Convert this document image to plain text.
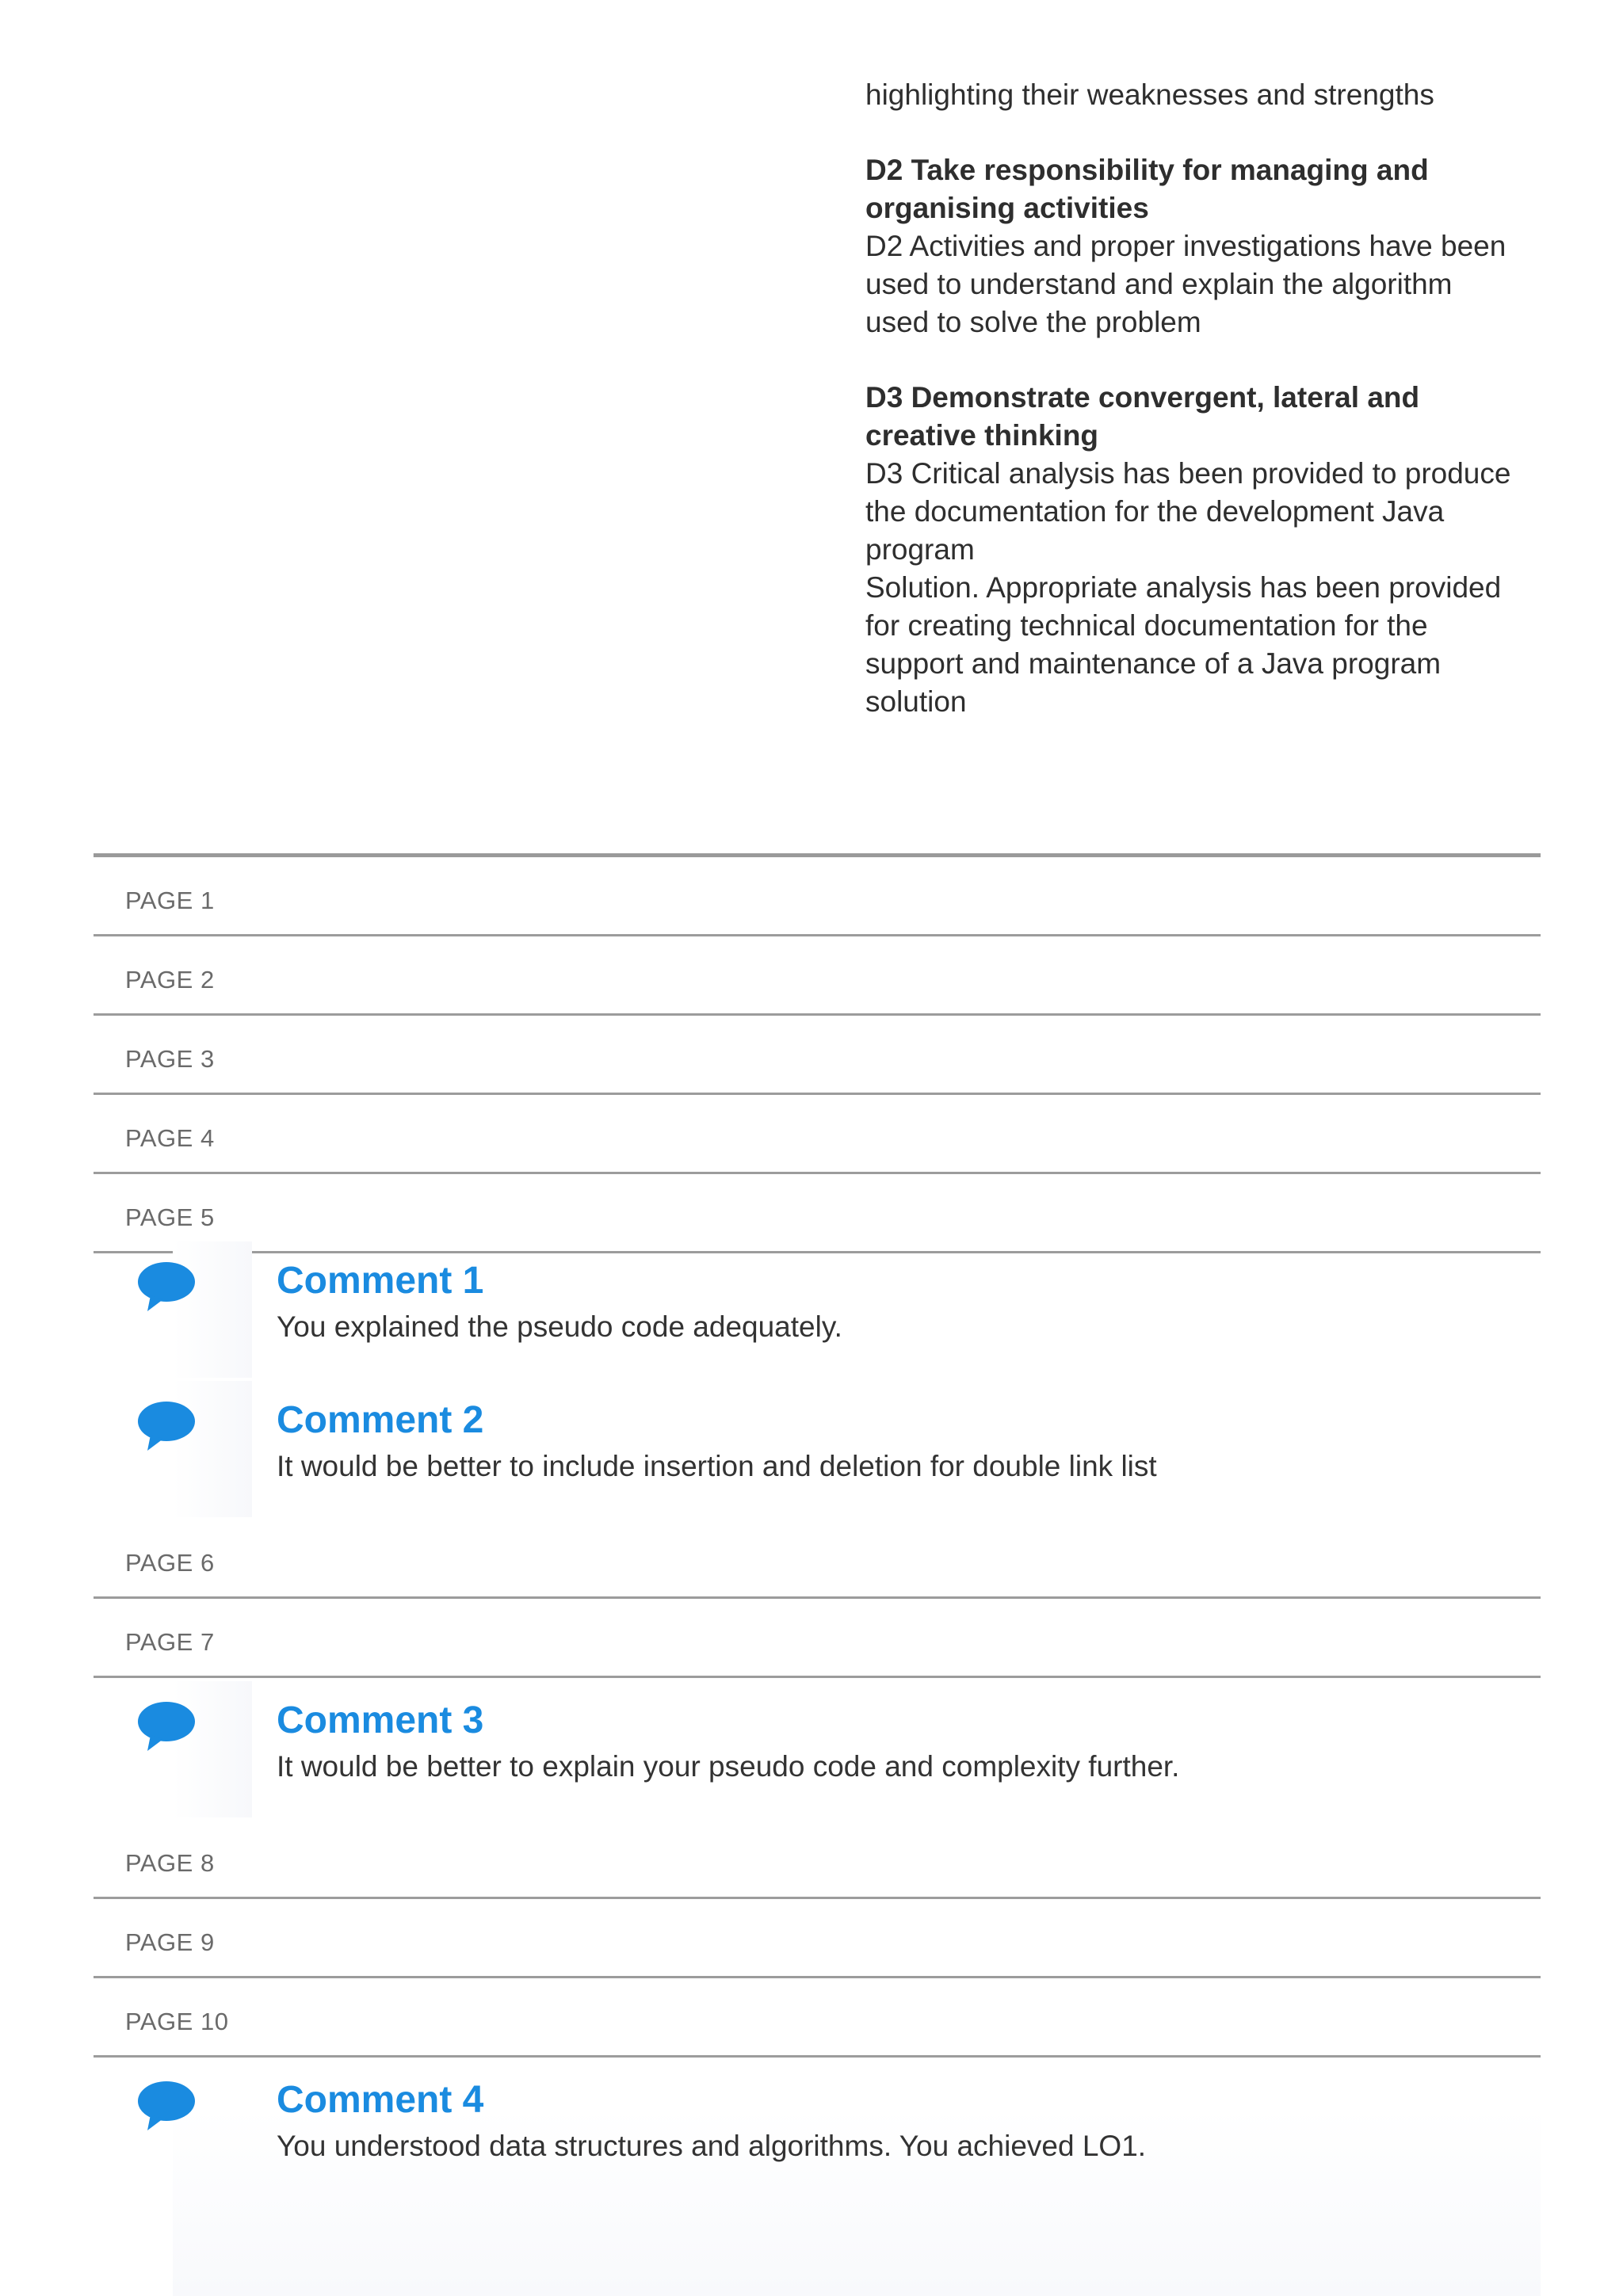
highlighting their weaknesses and strengths

D2 Take responsibility for managing and
organising activities
D2 Activities and proper investigations have been
used to understand and explain the algorithm
used to solve the problem

D3 Demonstrate convergent, lateral and
creative thinking
D3 Critical analysis has been provided to produce
the documentation for the development Java
program
Solution. Appropriate analysis has been provided
for creating technical documentation for the
support and maintenance of a Java program
solution

PAGE 1
PAGE 2
PAGE 3
PAGE 4
PAGE 5
Comment 1
You explained the pseudo code adequately.
Comment 2
It would be better to include insertion and deletion for double link list
PAGE 6
PAGE 7
Comment 3
It would be better to explain your pseudo code and complexity further.
PAGE 8
PAGE 9
PAGE 10
Comment 4
You understood data structures and algorithms. You achieved LO1.
